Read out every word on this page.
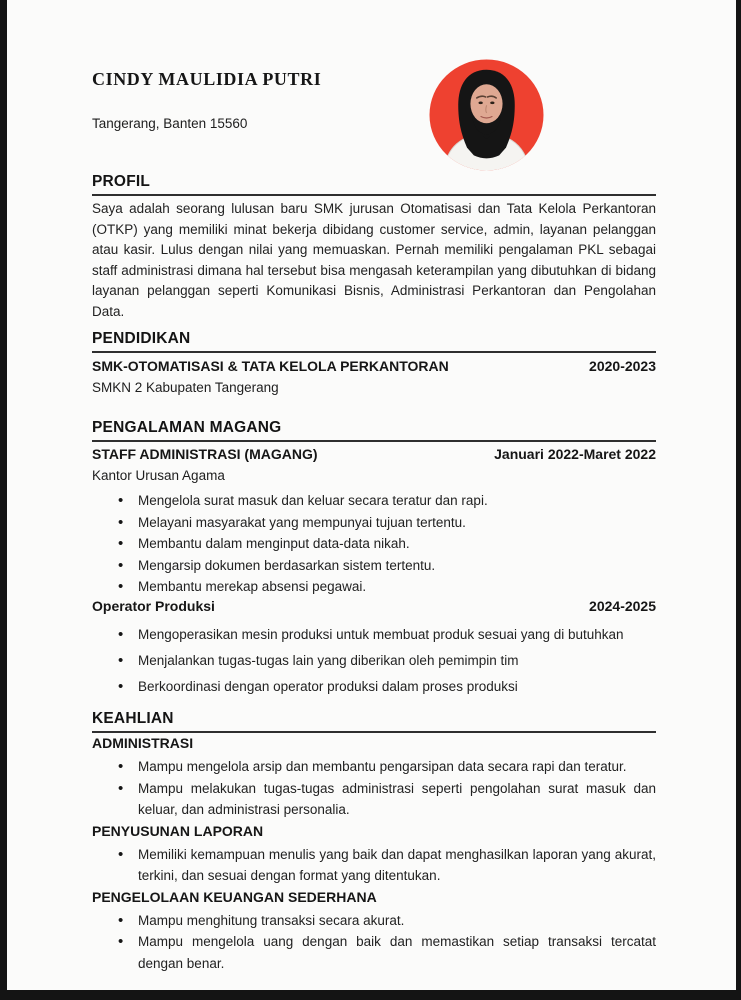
CINDY MAULIDIA PUTRI
Tangerang, Banten 15560
PROFIL

Saya adalah seorang lulusan baru SMK jurusan Otomatisasi dan Tata Kelola Perkantoran (OTKP) yang memiliki minat bekerja dibidang customer service, admin, layanan pelanggan atau kasir. Lulus dengan nilai yang memuaskan. Pernah memiliki pengalaman PKL sebagai staff administrasi dimana hal tersebut bisa mengasah keterampilan yang dibutuhkan di bidang layanan pelanggan seperti Komunikasi Bisnis, Administrasi Perkantoran dan Pengolahan Data.

PENDIDIKAN
SMK-OTOMATISASI & TATA KELOLA PERKANTORAN	2020-2023
SMKN 2 Kabupaten Tangerang
PENGALAMAN MAGANG
STAFF ADMINISTRASI (MAGANG)	Januari 2022-Maret 2022
Kantor Urusan Agama
• Mengelola surat masuk dan keluar secara teratur dan rapi.
• Melayani masyarakat yang mempunyai tujuan tertentu.
• Membantu dalam menginput data-data nikah.
• Mengarsip dokumen berdasarkan sistem tertentu.
• Membantu merekap absensi pegawai.
Operator Produksi	2024-2025
• Mengoperasikan mesin produksi untuk membuat produk sesuai yang di butuhkan
• Menjalankan tugas-tugas lain yang diberikan oleh pemimpin tim
• Berkoordinasi dengan operator produksi dalam proses produksi
KEAHLIAN
ADMINISTRASI
• Mampu mengelola arsip dan membantu pengarsipan data secara rapi dan teratur.
• Mampu melakukan tugas-tugas administrasi seperti pengolahan surat masuk dan keluar, dan administrasi personalia.
PENYUSUNAN LAPORAN
• Memiliki kemampuan menulis yang baik dan dapat menghasilkan laporan yang akurat, terkini, dan sesuai dengan format yang ditentukan.
PENGELOLAAN KEUANGAN SEDERHANA
• Mampu menghitung transaksi secara akurat.
• Mampu mengelola uang dengan baik dan memastikan setiap transaksi tercatat dengan benar.
